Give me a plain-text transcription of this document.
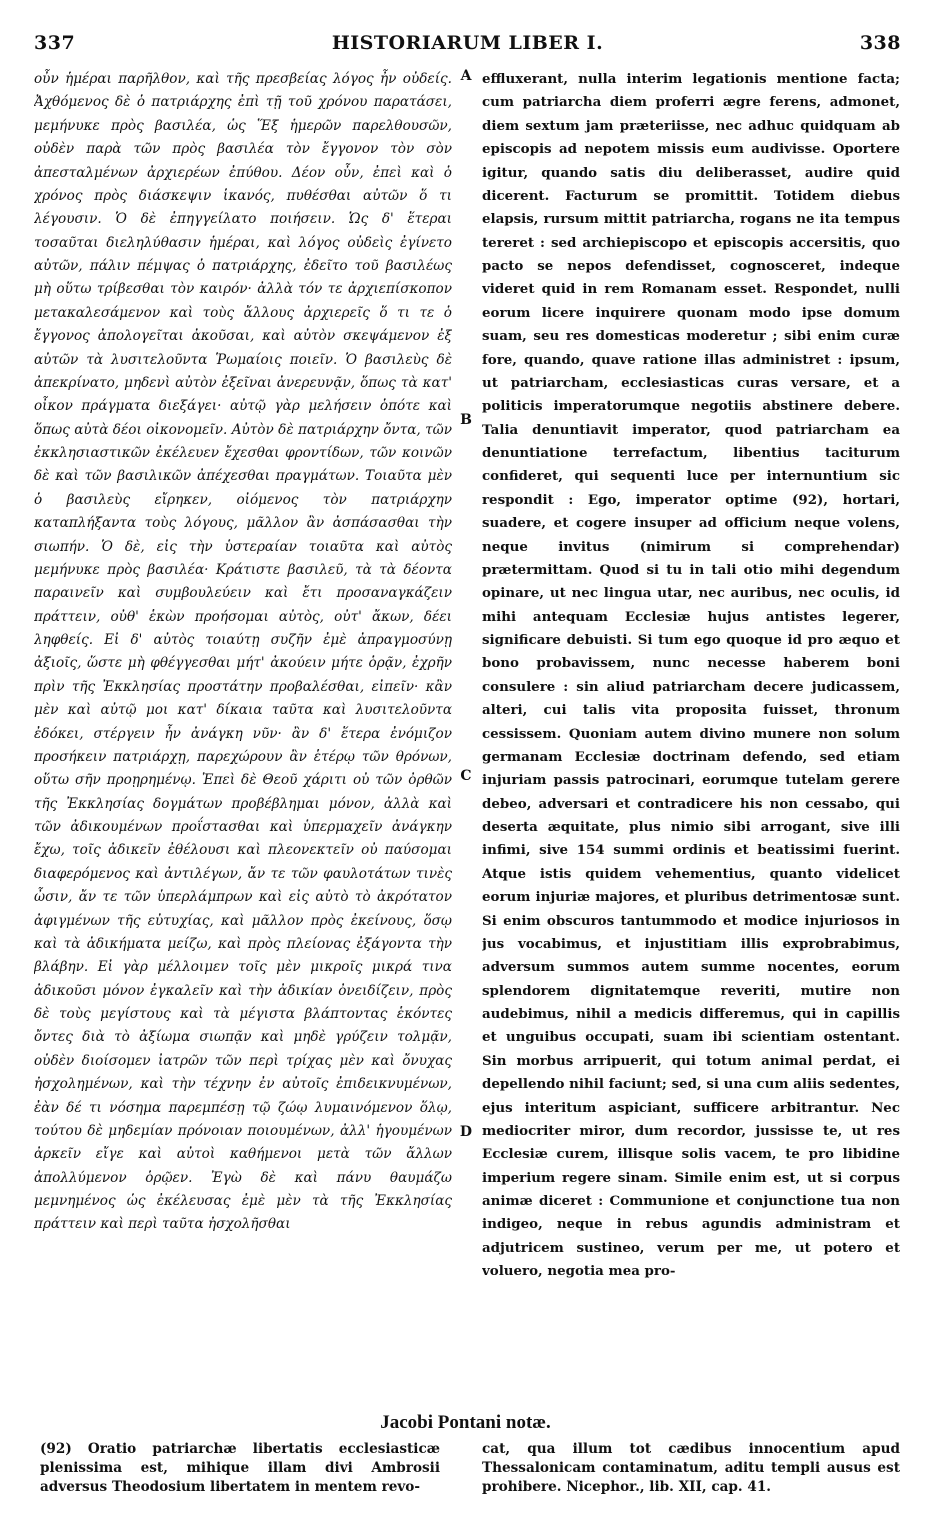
337	HISTORIARUM LIBER I.	338

οὖν ἡμέραι παρῆλθον, καὶ τῆς πρεσβείας λόγος ἦν οὐδείς. Ἀχθόμενος δὲ ὁ πατριάρχης ἐπὶ τῇ τοῦ χρόνου παρατάσει, μεμήνυκε πρὸς βασιλέα, ὡς Ἕξ ἡμερῶν παρελθουσῶν, οὐδὲν παρὰ τῶν πρὸς βασιλέα τὸν ἔγγονον τὸν σὸν ἀπεσταλμένων ἀρχιερέων ἐπύθου. Δέον οὖν, ἐπεὶ καὶ ὁ χρόνος πρὸς διάσκεψιν ἱκανός, πυθέσθαι αὐτῶν ὅ τι λέγουσιν. Ὁ δὲ ἐπηγγείλατο ποιήσειν. Ὡς δ' ἕτεραι τοσαῦται διεληλύθασιν ἡμέραι, καὶ λόγος οὐδεὶς ἐγίνετο αὐτῶν, πάλιν πέμψας ὁ πατριάρχης, ἐδεῖτο τοῦ βασιλέως μὴ οὕτω τρίβεσθαι τὸν καιρόν· ἀλλὰ τόν τε ἀρχιεπίσκοπον μετακαλεσάμενον καὶ τοὺς ἄλλους ἀρχιερεῖς ὅ τι τε ὁ ἔγγονος ἀπολογεῖται ἀκοῦσαι, καὶ αὐτὸν σκεψάμενον ἐξ αὐτῶν τὰ λυσιτελοῦντα Ῥωμαίοις ποιεῖν. Ὁ βασιλεὺς δὲ ἀπεκρίνατο, μηδενὶ αὐτὸν ἐξεῖναι ἀνερευνᾷν, ὅπως τὰ κατ' οἶκον πράγματα διεξάγει· αὐτῷ γὰρ μελήσειν ὁπότε καὶ ὅπως αὐτὰ δέοι οἰκονομεῖν. Αὐτὸν δὲ πατριάρχην ὄντα, τῶν ἐκκλησιαστικῶν ἐκέλευεν ἔχεσθαι φροντίδων, τῶν κοινῶν δὲ καὶ τῶν βασιλικῶν ἀπέχεσθαι πραγμάτων. Τοιαῦτα μὲν ὁ βασιλεὺς εἴρηκεν, οἰόμενος τὸν πατριάρχην καταπλήξαντα τοὺς λόγους, μᾶλλον ἂν ἀσπάσασθαι τὴν σιωπήν. Ὁ δὲ, εἰς τὴν ὑστεραίαν τοιαῦτα καὶ αὐτὸς μεμήνυκε πρὸς βασιλέα· Κράτιστε βασιλεῦ, τὰ τὰ δέοντα παραινεῖν καὶ συμβουλεύειν καὶ ἔτι προσαναγκάζειν πράττειν, οὐθ' ἑκὼν προήσομαι αὐτὸς, οὐτ' ἄκων, δέει ληφθείς. Εἰ δ' αὐτὸς τοιαύτῃ συζῆν ἐμὲ ἀπραγμοσύνῃ ἀξιοῖς, ὥστε μὴ φθέγγεσθαι μήτ' ἀκούειν μήτε ὁρᾷν, ἐχρῆν πρὶν τῆς Ἐκκλησίας προστάτην προβαλέσθαι, εἰπεῖν· κἂν μὲν καὶ αὐτῷ μοι κατ' δίκαια ταῦτα καὶ λυσιτελοῦντα ἐδόκει, στέργειν ἦν ἀνάγκη νῦν· ἂν δ' ἕτερα ἐνόμιζον προσήκειν πατριάρχῃ, παρεχώρουν ἂν ἑτέρῳ τῶν θρόνων, οὕτω σῆν προῃρημένῳ. Ἐπεὶ δὲ Θεοῦ χάριτι οὐ τῶν ὀρθῶν τῆς Ἐκκλησίας δογμάτων προβέβλημαι μόνον, ἀλλὰ καὶ τῶν ἀδικουμένων προΐστασθαι καὶ ὑπερμαχεῖν ἀνάγκην ἔχω, τοῖς ἀδικεῖν ἐθέλουσι καὶ πλεονεκτεῖν οὐ παύσομαι διαφερόμενος καὶ ἀντιλέγων, ἄν τε τῶν φαυλοτάτων τινὲς ὦσιν, ἄν τε τῶν ὑπερλάμπρων καὶ εἰς αὐτὸ τὸ ἀκρότατον ἀφιγμένων τῆς εὐτυχίας, καὶ μᾶλλον πρὸς ἐκείνους, ὅσῳ καὶ τὰ ἀδικήματα μείζω, καὶ πρὸς πλείονας ἐξάγοντα τὴν βλάβην. Εἰ γὰρ μέλλοιμεν τοῖς μὲν μικροῖς μικρά τινα ἀδικοῦσι μόνον ἐγκαλεῖν καὶ τὴν ἀδικίαν ὀνειδίζειν, πρὸς δὲ τοὺς μεγίστους καὶ τὰ μέγιστα βλάπτοντας ἑκόντες ὄντες διὰ τὸ ἀξίωμα σιωπᾷν καὶ μηδὲ γρύζειν τολμᾷν, οὐδὲν διοίσομεν ἰατρῶν τῶν περὶ τρίχας μὲν καὶ ὄνυχας ἠσχολημένων, καὶ τὴν τέχνην ἐν αὐτοῖς ἐπιδεικνυμένων, ἐὰν δέ τι νόσημα παρεμπέσῃ τῷ ζώῳ λυμαινόμενον ὅλῳ, τούτου δὲ μηδεμίαν πρόνοιαν ποιουμένων, ἀλλ' ἡγουμένων ἀρκεῖν εἴγε καὶ αὐτοὶ καθήμενοι μετὰ τῶν ἄλλων ἀπολλύμενον ὁρῷεν. Ἐγὼ δὲ καὶ πάνυ θαυμάζω μεμνημένος ὡς ἐκέλευσας ἐμὲ μὲν τὰ τῆς Ἐκκλησίας πράττειν καὶ περὶ ταῦτα ἠσχολῆσθαι

A
B
C
D

effluxerant, nulla interim legationis mentione facta; cum patriarcha diem proferri ægre ferens, admonet, diem sextum jam præteriisse, nec adhuc quidquam ab episcopis ad nepotem missis eum audivisse. Oportere igitur, quando satis diu deliberasset, audire quid dicerent. Facturum se promittit. Totidem diebus elapsis, rursum mittit patriarcha, rogans ne ita tempus tereret : sed archiepiscopo et episcopis accersitis, quo pacto se nepos defendisset, cognosceret, indeque videret quid in rem Romanam esset. Respondet, nulli eorum licere inquirere quonam modo ipse domum suam, seu res domesticas moderetur ; sibi enim curæ fore, quando, quave ratione illas administret : ipsum, ut patriarcham, ecclesiasticas curas versare, et a politicis imperatorumque negotiis abstinere debere. Talia denuntiavit imperator, quod patriarcham ea denuntiatione terrefactum, libentius taciturum confideret, qui sequenti luce per internuntium sic respondit : Ego, imperator optime (92), hortari, suadere, et cogere insuper ad officium neque volens, neque invitus (nimirum si comprehendar) prætermittam. Quod si tu in tali otio mihi degendum opinare, ut nec lingua utar, nec auribus, nec oculis, id mihi antequam Ecclesiæ hujus antistes legerer, significare debuisti. Si tum ego quoque id pro æquo et bono probavissem, nunc necesse haberem boni consulere : sin aliud patriarcham decere judicassem, alteri, cui talis vita proposita fuisset, thronum cessissem. Quoniam autem divino munere non solum germanam Ecclesiæ doctrinam defendo, sed etiam injuriam passis patrocinari, eorumque tutelam gerere debeo, adversari et contradicere his non cessabo, qui deserta æquitate, plus nimio sibi arrogant, sive illi infimi, sive 154 summi ordinis et beatissimi fuerint. Atque istis quidem vehementius, quanto videlicet eorum injuriæ majores, et pluribus detrimentosæ sunt. Si enim obscuros tantummodo et modice injuriosos in jus vocabimus, et injustitiam illis exprobrabimus, adversum summos autem summe nocentes, eorum splendorem dignitatemque reveriti, mutire non audebimus, nihil a medicis differemus, qui in capillis et unguibus occupati, suam ibi scientiam ostentant. Sin morbus arripuerit, qui totum animal perdat, ei depellendo nihil faciunt; sed, si una cum aliis sedentes, ejus interitum aspiciant, sufficere arbitrantur. Nec mediocriter miror, dum recordor, jussisse te, ut res Ecclesiæ curem, illisque solis vacem, te pro libidine imperium regere sinam. Simile enim est, ut si corpus animæ diceret : Communione et conjunctione tua non indigeo, neque in rebus agundis administram et adjutricem sustineo, verum per me, ut potero et voluero, negotia mea pro-

Jacobi Pontani notæ.

(92) Oratio patriarchæ libertatis ecclesiasticæ plenissima est, mihique illam divi Ambrosii adversus Theodosium libertatem in mentem revo-

cat, qua illum tot cædibus innocentium apud Thessalonicam contaminatum, aditu templi ausus est prohibere. Nicephor., lib. XII, cap. 41.
